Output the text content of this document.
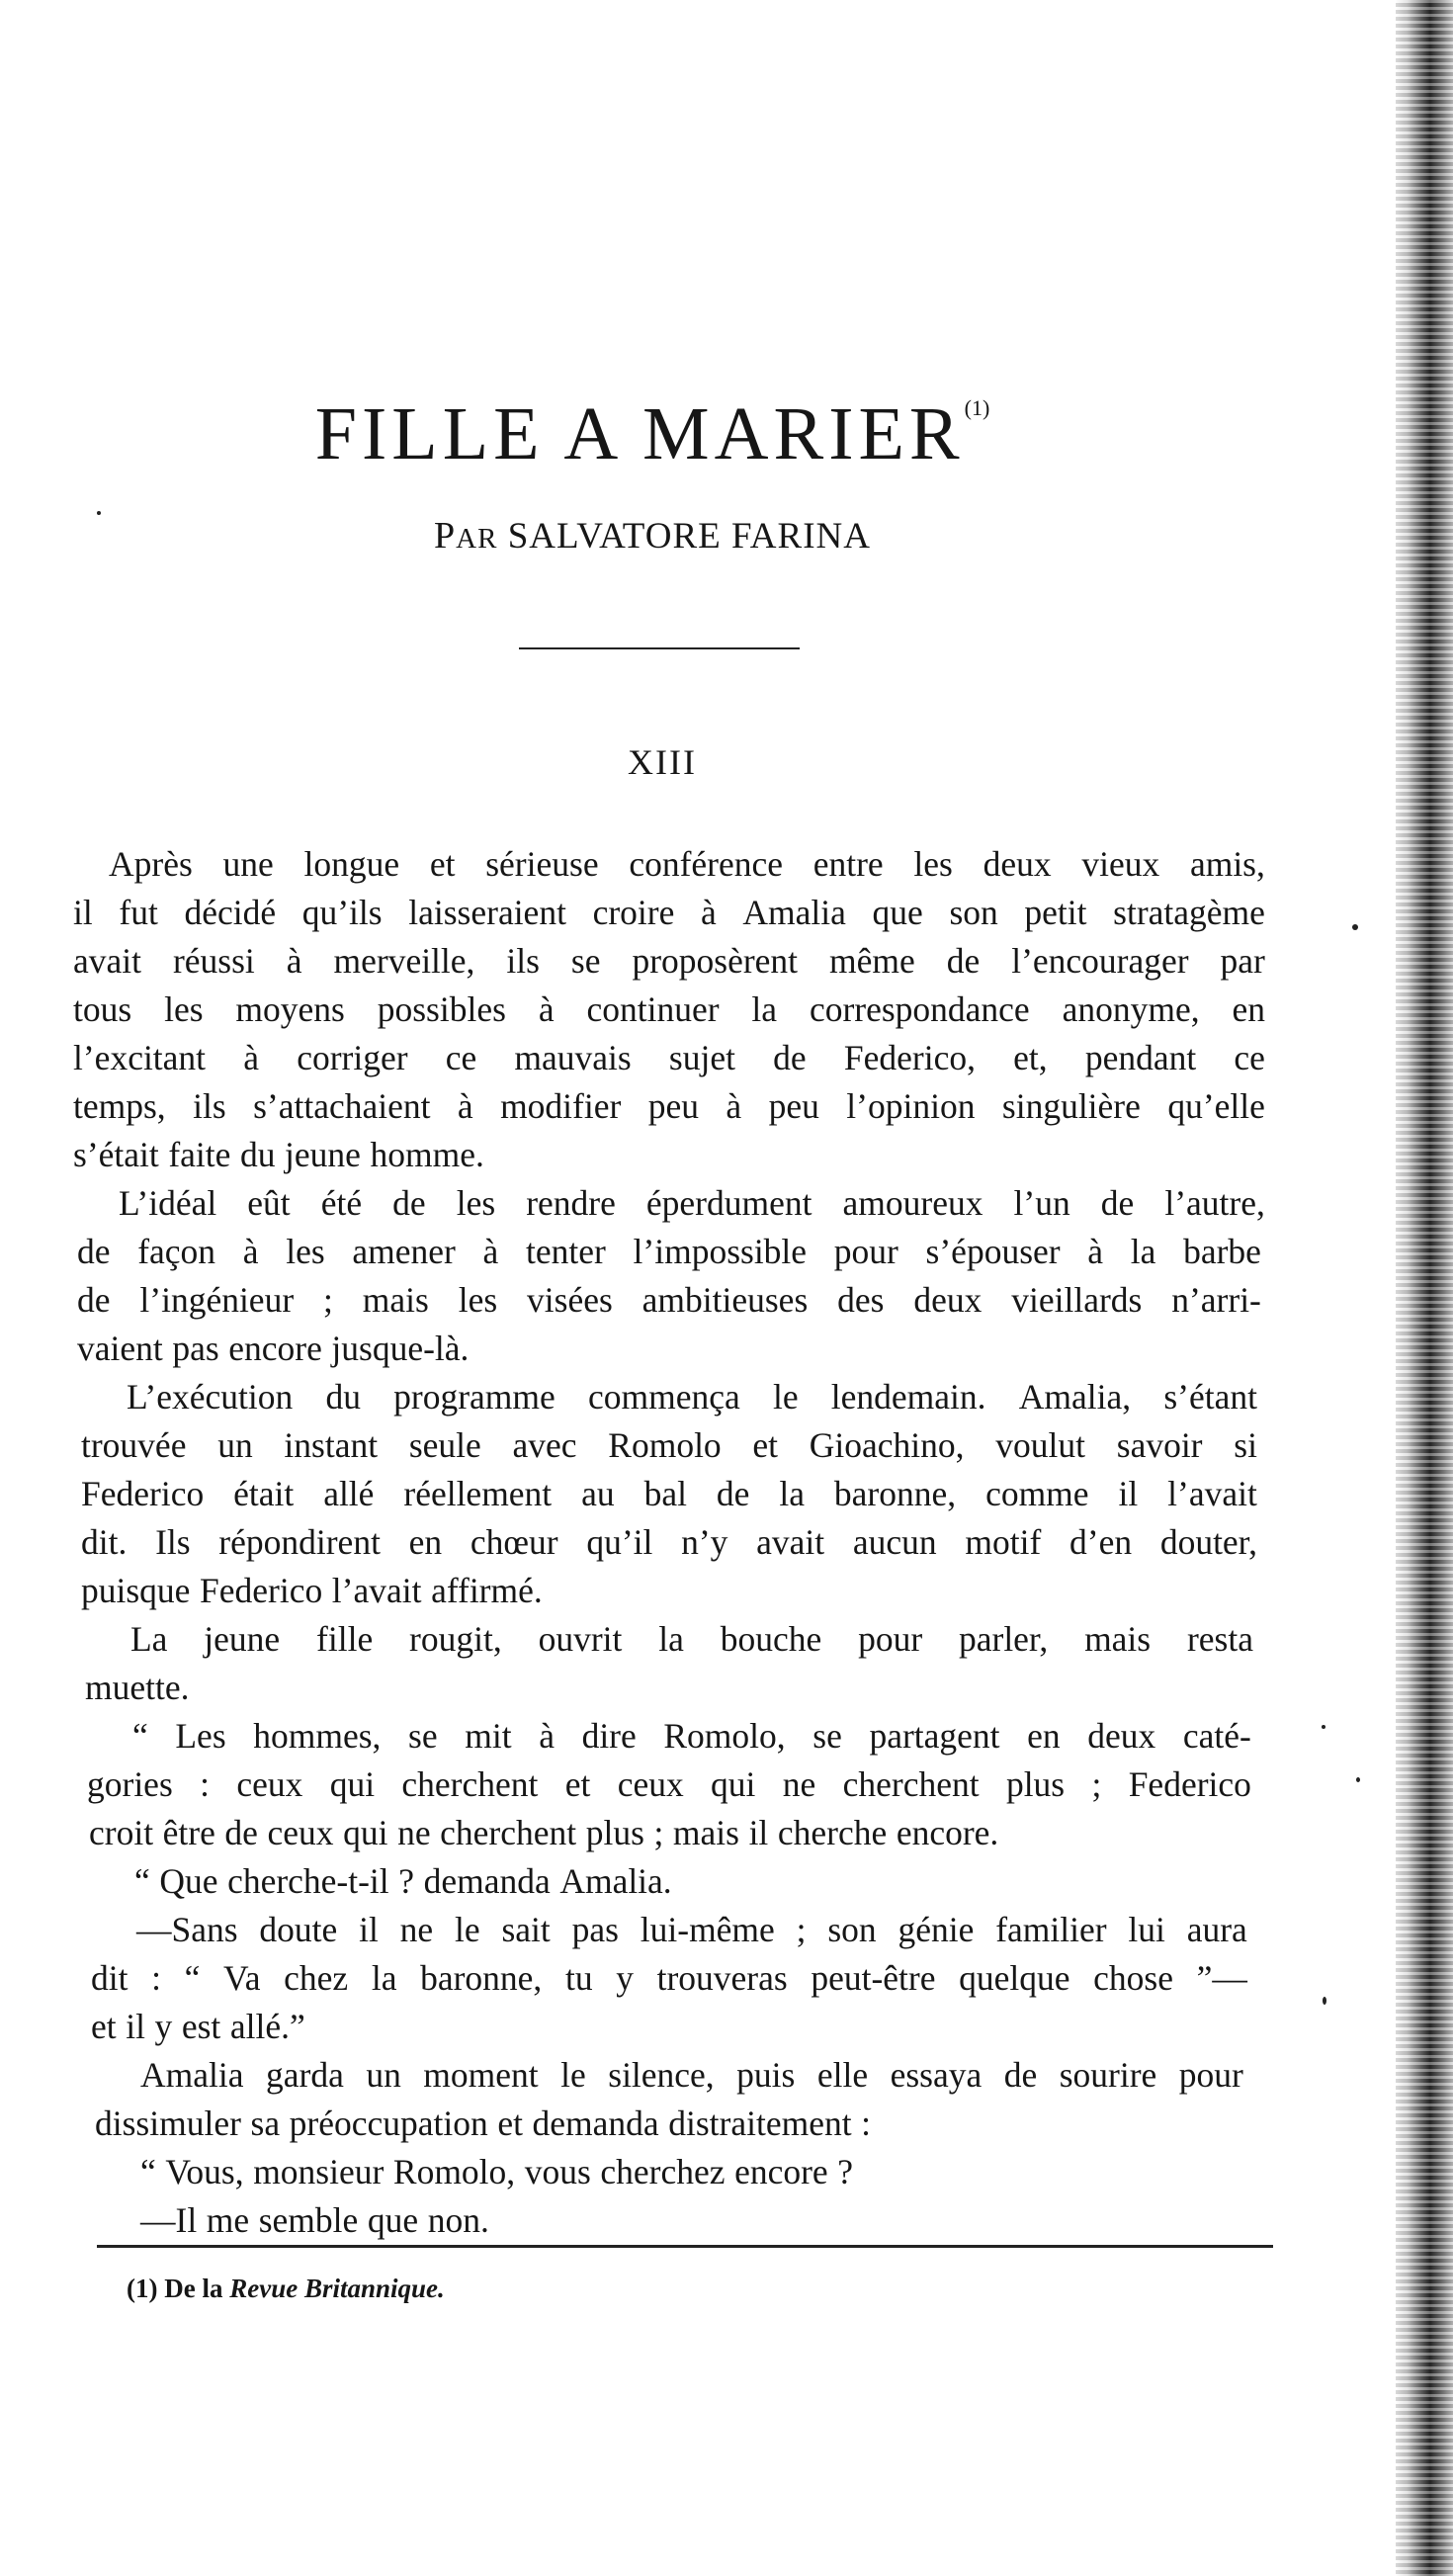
FILLE A MARIER$^{(1)}$
PAR SALVATORE FARINA
XIII
Après une longue et sérieuse conférence entre les deux vieux amis,
il fut décidé qu’ils laisseraient croire à Amalia que son petit stratagème
avait réussi à merveille, ils se proposèrent même de l’encourager par
tous les moyens possibles à continuer la correspondance anonyme, en
l’excitant à corriger ce mauvais sujet de Federico, et, pendant ce
temps, ils s’attachaient à modifier peu à peu l’opinion singulière qu’elle
s’était faite du jeune homme.
L’idéal eût été de les rendre éperdument amoureux l’un de l’autre,
de façon à les amener à tenter l’impossible pour s’épouser à la barbe
de l’ingénieur ; mais les visées ambitieuses des deux vieillards n’arri-
vaient pas encore jusque-là.
L’exécution du programme commença le lendemain. Amalia, s’étant
trouvée un instant seule avec Romolo et Gioachino, voulut savoir si
Federico était allé réellement au bal de la baronne, comme il l’avait
dit. Ils répondirent en chœur qu’il n’y avait aucun motif d’en douter,
puisque Federico l’avait affirmé.
La jeune fille rougit, ouvrit la bouche pour parler, mais resta
muette.
“ Les hommes, se mit à dire Romolo, se partagent en deux caté-
gories : ceux qui cherchent et ceux qui ne cherchent plus ; Federico
croit être de ceux qui ne cherchent plus ; mais il cherche encore.
“ Que cherche-t-il ? demanda Amalia.
—Sans doute il ne le sait pas lui-même ; son génie familier lui aura
dit : “ Va chez la baronne, tu y trouveras peut-être quelque chose ”—
et il y est allé.”
Amalia garda un moment le silence, puis elle essaya de sourire pour
dissimuler sa préoccupation et demanda distraitement :
“ Vous, monsieur Romolo, vous cherchez encore ?
—Il me semble que non.
(1) De la Revue Britannique.
